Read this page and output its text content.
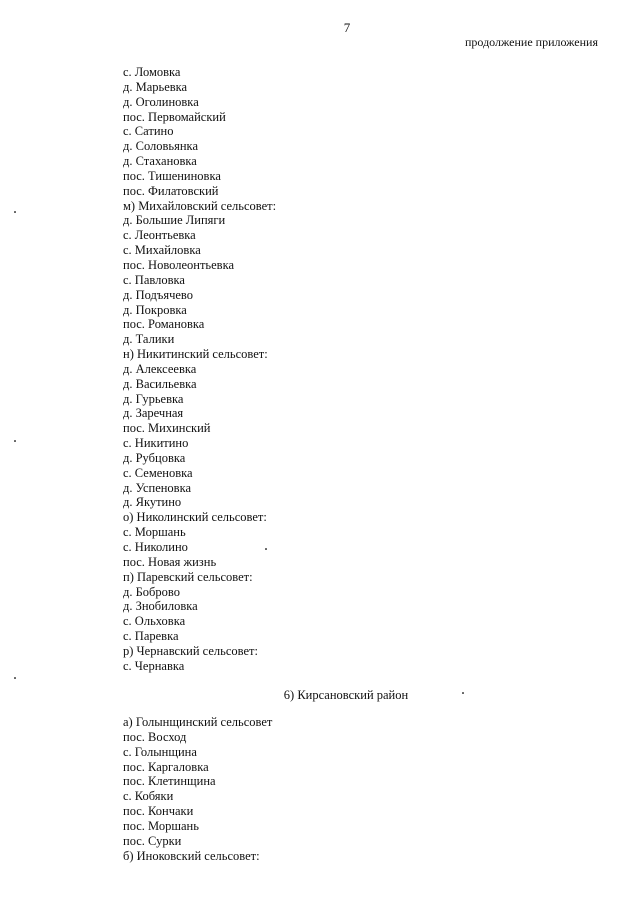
7
продолжение приложения
с. Ломовка
д. Марьевка
д. Оголиновка
пос. Первомайский
с. Сатино
д. Соловьянка
д. Стахановка
пос. Тишениновка
пос. Филатовский
м) Михайловский сельсовет:
д. Большие Липяги
с. Леонтьевка
с. Михайловка
пос. Новолеонтьевка
с. Павловка
д. Подъячево
д. Покровка
пос. Романовка
д. Талики
н) Никитинский сельсовет:
д. Алексеевка
д. Васильевка
д. Гурьевка
д. Заречная
пос. Михинский
с. Никитино
д. Рубцовка
с. Семеновка
д. Успеновка
д. Якутино
о) Николинский сельсовет:
с. Моршань
с. Николино
пос. Новая жизнь
п) Паревский сельсовет:
д. Боброво
д. Знобиловка
с. Ольховка
с. Паревка
р) Чернавский сельсовет:
с. Чернавка
6) Кирсановский район
а) Голынщинский сельсовет
пос. Восход
с. Голынщина
пос. Каргаловка
пос. Клетинщина
с. Кобяки
пос. Кончаки
пос. Моршань
пос. Сурки
б) Иноковский сельсовет:
